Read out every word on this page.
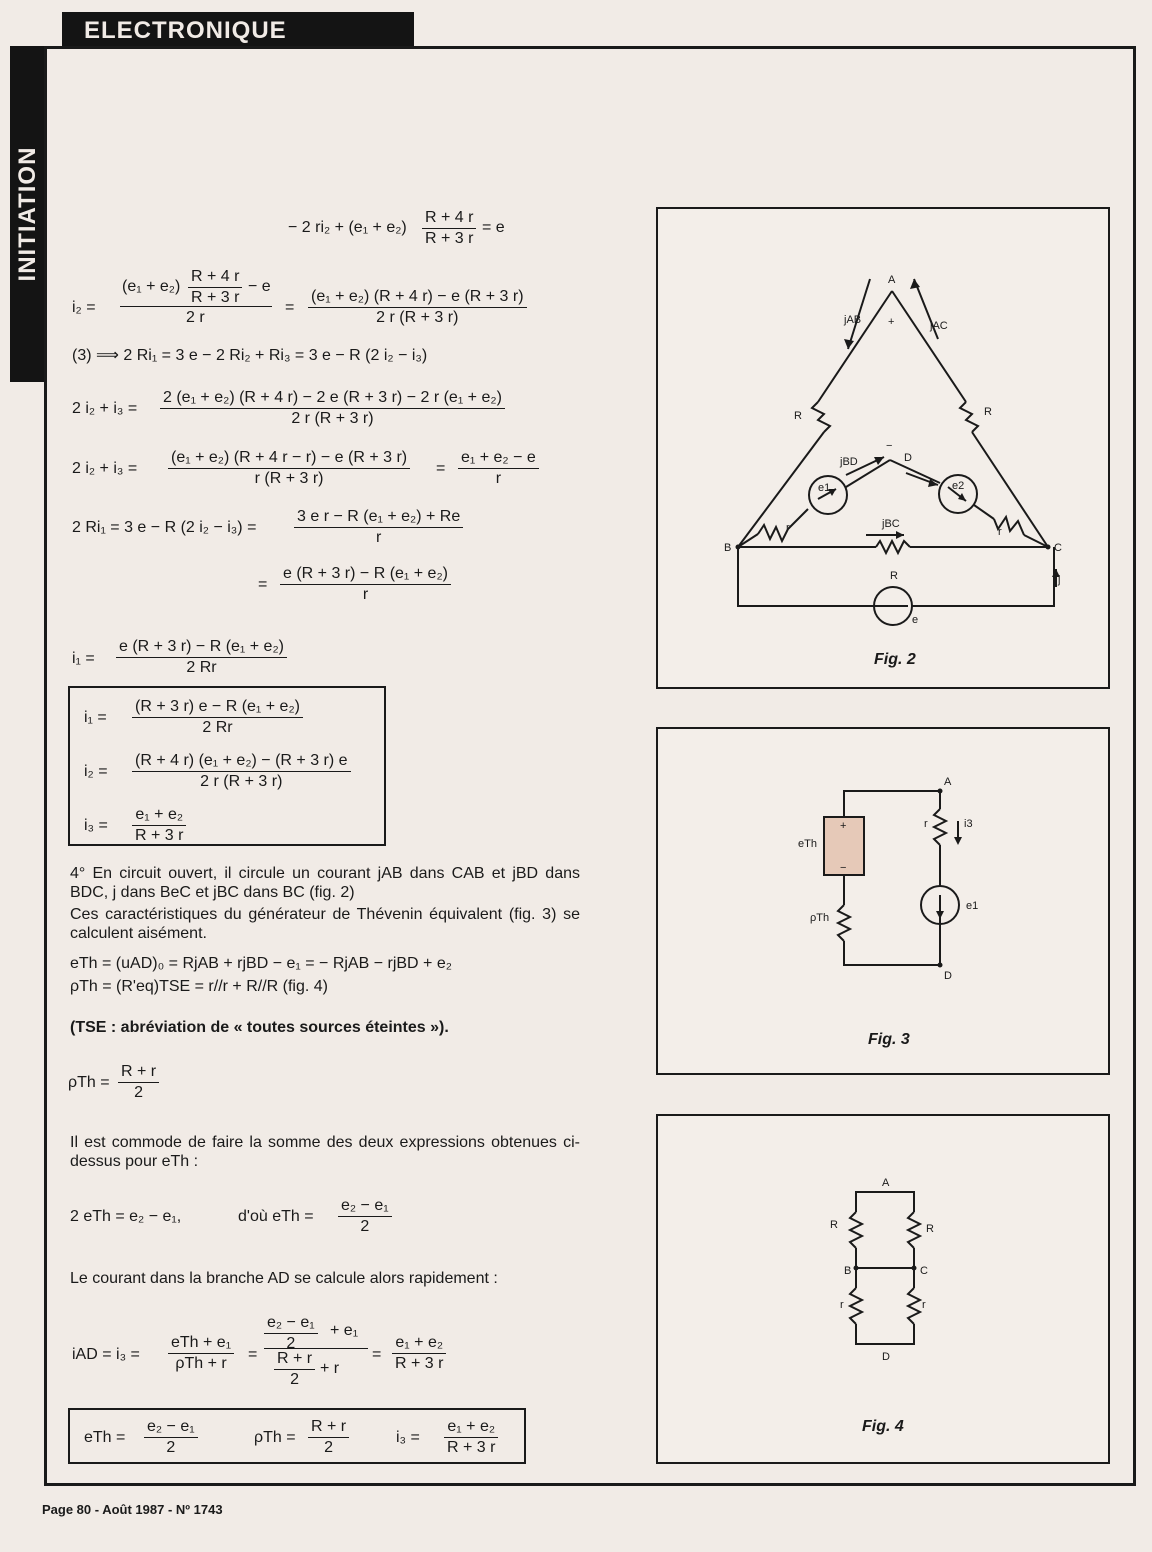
ELECTRONIQUE
INITIATION	− 2 $ri_2 + (e_1 + e_2) \frac{R + 4 r}{R + 3 r} = e$
i₂ =
$(e_1 + e_2) \frac{R + 4 r}{R + 3 r} - e$
2 r
= $\frac{\text{(e₁ + e₂) (R + 4 r) − e (R + 3 r)}}{2 r (R + 3 r)}$
(3) ⟹ 2 Ri₁ = 3 e − 2 Ri₂ + Ri₃ = 3 e − R (2 i₂ − i₃)
2 $i_2 + i_3 = \frac{\text{2 (e₁ + e₂) (R + 4 r) − 2 e (R + 3 r) − 2 r (e₁ + e₂)}}{2 r (R + 3 r)}$
2 $i_2 + i_3 = \frac{\text{(e₁ + e₂) (R + 4 r − r) − e (R + 3 r)}}{r (R + 3 r)} = \frac{\text{e₁ + e₂ − e}}{r}$
2 Ri₁ = 3 e − R (2 $i_2 - i_3) = \frac{\text{3 e r − R (e₁ + e₂) + Re}}{r}$
= $\frac{\text{e (R + 3 r) − R (e₁ + e₂)}}{r}$
$i_1 = \frac{\text{e (R + 3 r) − R (e₁ + e₂)}}{2 Rr}$
$i_1 = \frac{\text{(R + 3 r) e − R (e₁ + e₂)}}{2 Rr}$
$i_2 = \frac{\text{(R + 4 r) (e₁ + e₂) − (R + 3 r) e}}{2 r (R + 3 r)}$
$i_3 = \frac{\text{e₁ + e₂}}{R + 3 r}$
4° En circuit ouvert, il circule un courant jAB dans CAB et jBD dans BDC, j dans BeC et jBC dans BC (fig. 2)
Ces caractéristiques du générateur de Thévenin équivalent (fig. 3) se calculent aisément.
eTh = (uAD)₀ = RjAB + rjBD − e₁ = − RjAB − rjBD + e₂
ρTh = (R'eq)TSE = r//r + R//R (fig. 4)
(TSE : abréviation de « toutes sources éteintes »).
$\rho Th = \frac{R + r}{2}$
Il est commode de faire la somme des deux expressions obtenues ci-dessus pour eTh :
2 eTh = e₂ − e₁,	d'où eTh = $\frac{\text{e₂ − e₁}}{2}$
Le courant dans la branche AD se calcule alors rapidement :
iAD = i₃ =
eTh + e₁
ρTh + r
=
$\frac{\text{e₂ − e₁}}{2} + e_1$
$\frac{R + r}{2} + r$
= $\frac{\text{e₁ + e₂}}{R + 3 r}$
eTh = $\frac{\text{e₂ − e₁}}{2}$	$\rho Th = \frac{R + r}{2}$	$i_3 = \frac{\text{e₁ + e₂}}{R + 3 r}$
A
B	C
D
R	R
R
r	r
jAB	jAC
jBD
jBC
j
e
e1	e2
+
−
Fig. 2
A
D
eTh
ρTh
r	i3
e1
+
−
Fig. 3
A
B	C
D
R	R
r	r
Fig. 4
Page 80 - Août 1987 - Nº 1743
